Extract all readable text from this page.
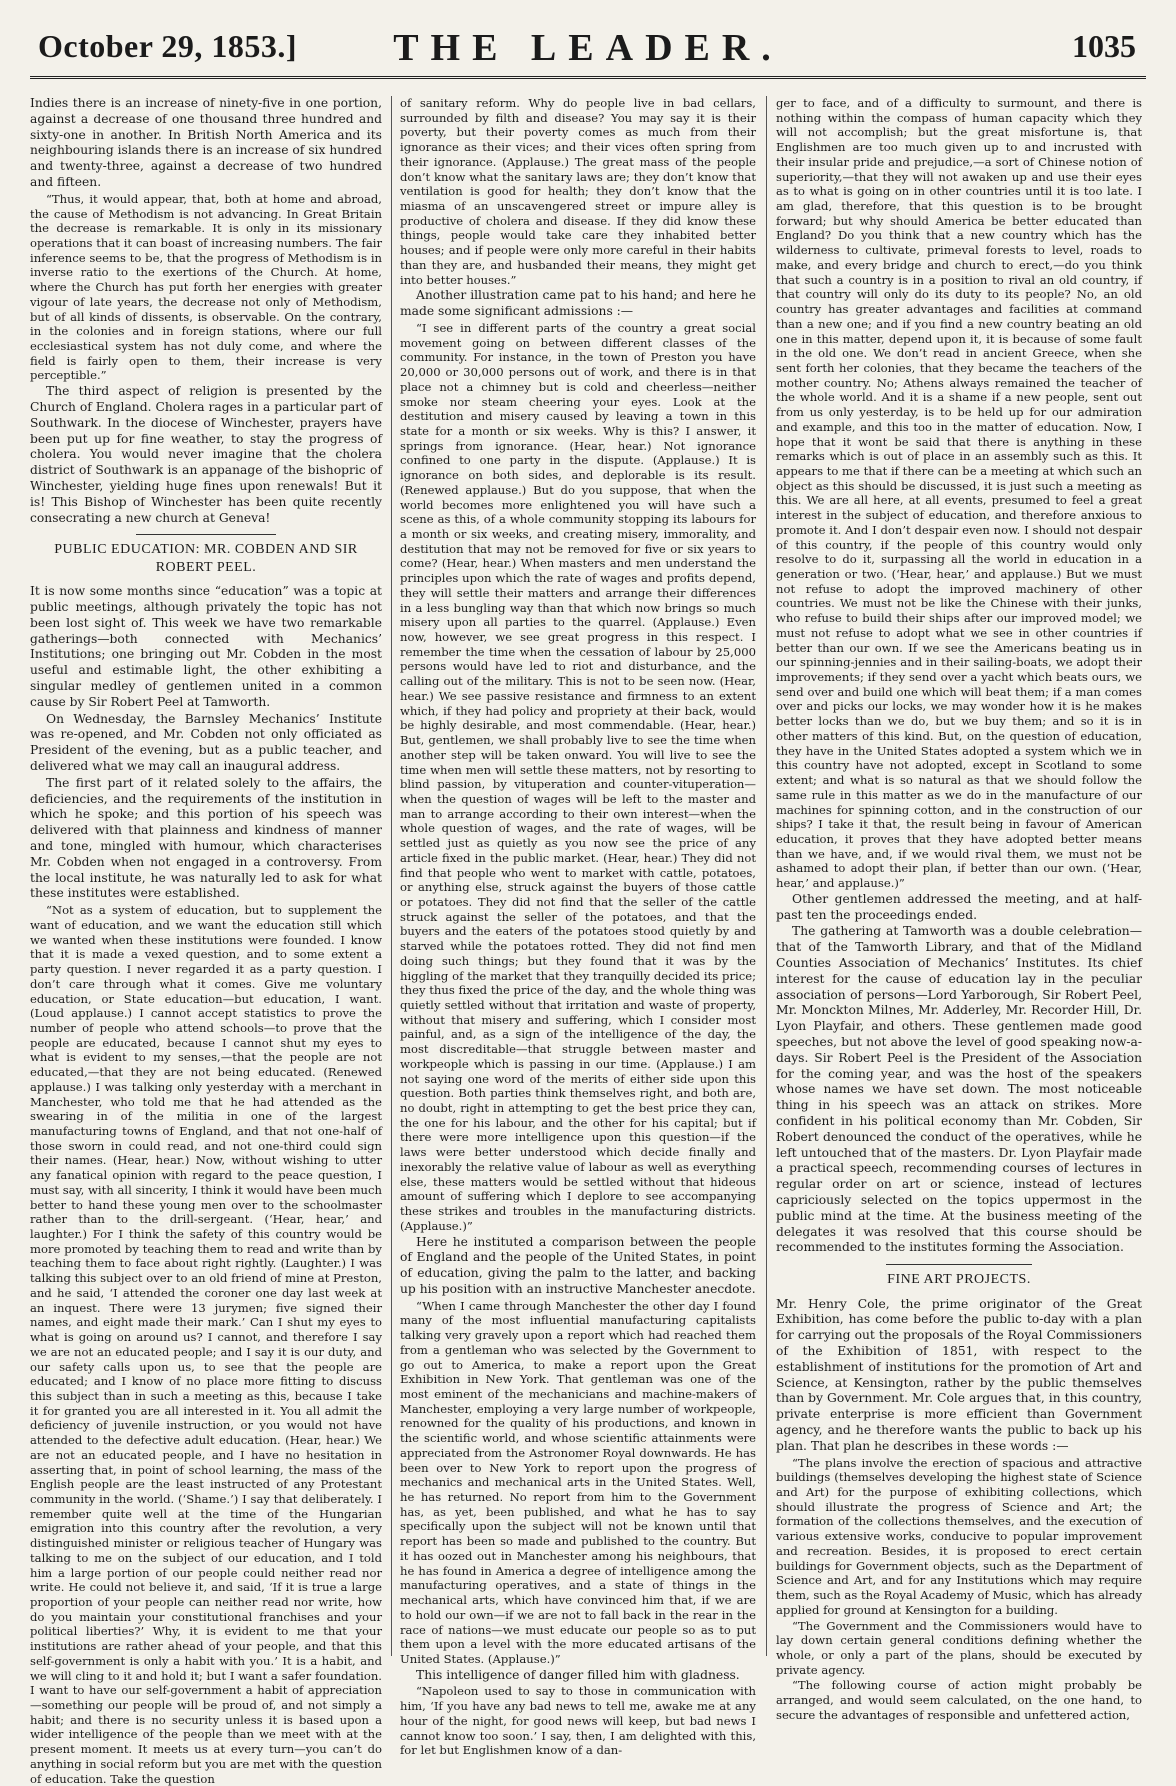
October 29, 1853.]	THE LEADER.	1035

Indies there is an increase of ninety-five in one portion, against a decrease of one thousand three hundred and sixty-one in another. In British North America and its neighbouring islands there is an increase of six hundred and twenty-three, against a decrease of two hundred and fifteen.

“Thus, it would appear, that, both at home and abroad, the cause of Methodism is not advancing. In Great Britain the decrease is remarkable. It is only in its missionary operations that it can boast of increasing numbers. The fair inference seems to be, that the progress of Methodism is in inverse ratio to the exertions of the Church. At home, where the Church has put forth her energies with greater vigour of late years, the decrease not only of Methodism, but of all kinds of dissents, is observable. On the contrary, in the colonies and in foreign stations, where our full ecclesiastical system has not duly come, and where the field is fairly open to them, their increase is very perceptible.”

The third aspect of religion is presented by the Church of England. Cholera rages in a particular part of Southwark. In the diocese of Winchester, prayers have been put up for fine weather, to stay the progress of cholera. You would never imagine that the cholera district of Southwark is an appanage of the bishopric of Winchester, yielding huge fines upon renewals! But it is! This Bishop of Winchester has been quite recently consecrating a new church at Geneva!

PUBLIC EDUCATION: MR. COBDEN AND SIR ROBERT PEEL.

It is now some months since “education” was a topic at public meetings, although privately the topic has not been lost sight of. This week we have two remarkable gatherings—both connected with Mechanics’ Institutions; one bringing out Mr. Cobden in the most useful and estimable light, the other exhibiting a singular medley of gentlemen united in a common cause by Sir Robert Peel at Tamworth.

On Wednesday, the Barnsley Mechanics’ Institute was re-opened, and Mr. Cobden not only officiated as President of the evening, but as a public teacher, and delivered what we may call an inaugural address.

The first part of it related solely to the affairs, the deficiencies, and the requirements of the institution in which he spoke; and this portion of his speech was delivered with that plainness and kindness of manner and tone, mingled with humour, which characterises Mr. Cobden when not engaged in a controversy. From the local institute, he was naturally led to ask for what these institutes were established.

“Not as a system of education, but to supplement the want of education, and we want the education still which we wanted when these institutions were founded. I know that it is made a vexed question, and to some extent a party question. I never regarded it as a party question. I don’t care through what it comes. Give me voluntary education, or State education—but education, I want. (Loud applause.) I cannot accept statistics to prove the number of people who attend schools—to prove that the people are educated, because I cannot shut my eyes to what is evident to my senses,—that the people are not educated,—that they are not being educated. (Renewed applause.) I was talking only yesterday with a merchant in Manchester, who told me that he had attended as the swearing in of the militia in one of the largest manufacturing towns of England, and that not one-half of those sworn in could read, and not one-third could sign their names. (Hear, hear.) Now, without wishing to utter any fanatical opinion with regard to the peace question, I must say, with all sincerity, I think it would have been much better to hand these young men over to the schoolmaster rather than to the drill-sergeant. (‘Hear, hear,’ and laughter.) For I think the safety of this country would be more promoted by teaching them to read and write than by teaching them to face about right rightly. (Laughter.) I was talking this subject over to an old friend of mine at Preston, and he said, ‘I attended the coroner one day last week at an inquest. There were 13 jurymen; five signed their names, and eight made their mark.’ Can I shut my eyes to what is going on around us? I cannot, and therefore I say we are not an educated people; and I say it is our duty, and our safety calls upon us, to see that the people are educated; and I know of no place more fitting to discuss this subject than in such a meeting as this, because I take it for granted you are all interested in it. You all admit the deficiency of juvenile instruction, or you would not have attended to the defective adult education. (Hear, hear.) We are not an educated people, and I have no hesitation in asserting that, in point of school learning, the mass of the English people are the least instructed of any Protestant community in the world. (‘Shame.’) I say that deliberately. I remember quite well at the time of the Hungarian emigration into this country after the revolution, a very distinguished minister or religious teacher of Hungary was talking to me on the subject of our education, and I told him a large portion of our people could neither read nor write. He could not believe it, and said, ‘If it is true a large proportion of your people can neither read nor write, how do you maintain your constitutional franchises and your political liberties?’ Why, it is evident to me that your institutions are rather ahead of your people, and that this self-government is only a habit with you.’ It is a habit, and we will cling to it and hold it; but I want a safer foundation. I want to have our self-government a habit of appreciation—something our people will be proud of, and not simply a habit; and there is no security unless it is based upon a wider intelligence of the people than we meet with at the present moment. It meets us at every turn—you can’t do anything in social reform but you are met with the question of education. Take the question

of sanitary reform. Why do people live in bad cellars, surrounded by filth and disease? You may say it is their poverty, but their poverty comes as much from their ignorance as their vices; and their vices often spring from their ignorance. (Applause.) The great mass of the people don’t know what the sanitary laws are; they don’t know that ventilation is good for health; they don’t know that the miasma of an unscavengered street or impure alley is productive of cholera and disease. If they did know these things, people would take care they inhabited better houses; and if people were only more careful in their habits than they are, and husbanded their means, they might get into better houses.”

Another illustration came pat to his hand; and here he made some significant admissions :—

“I see in different parts of the country a great social movement going on between different classes of the community. For instance, in the town of Preston you have 20,000 or 30,000 persons out of work, and there is in that place not a chimney but is cold and cheerless—neither smoke nor steam cheering your eyes. Look at the destitution and misery caused by leaving a town in this state for a month or six weeks. Why is this? I answer, it springs from ignorance. (Hear, hear.) Not ignorance confined to one party in the dispute. (Applause.) It is ignorance on both sides, and deplorable is its result. (Renewed applause.) But do you suppose, that when the world becomes more enlightened you will have such a scene as this, of a whole community stopping its labours for a month or six weeks, and creating misery, immorality, and destitution that may not be removed for five or six years to come? (Hear, hear.) When masters and men understand the principles upon which the rate of wages and profits depend, they will settle their matters and arrange their differences in a less bungling way than that which now brings so much misery upon all parties to the quarrel. (Applause.) Even now, however, we see great progress in this respect. I remember the time when the cessation of labour by 25,000 persons would have led to riot and disturbance, and the calling out of the military. This is not to be seen now. (Hear, hear.) We see passive resistance and firmness to an extent which, if they had policy and propriety at their back, would be highly desirable, and most commendable. (Hear, hear.) But, gentlemen, we shall probably live to see the time when another step will be taken onward. You will live to see the time when men will settle these matters, not by resorting to blind passion, by vituperation and counter-vituperation—when the question of wages will be left to the master and man to arrange according to their own interest—when the whole question of wages, and the rate of wages, will be settled just as quietly as you now see the price of any article fixed in the public market. (Hear, hear.) They did not find that people who went to market with cattle, potatoes, or anything else, struck against the buyers of those cattle or potatoes. They did not find that the seller of the cattle struck against the seller of the potatoes, and that the buyers and the eaters of the potatoes stood quietly by and starved while the potatoes rotted. They did not find men doing such things; but they found that it was by the higgling of the market that they tranquilly decided its price; they thus fixed the price of the day, and the whole thing was quietly settled without that irritation and waste of property, without that misery and suffering, which I consider most painful, and, as a sign of the intelligence of the day, the most discreditable—that struggle between master and workpeople which is passing in our time. (Applause.) I am not saying one word of the merits of either side upon this question. Both parties think themselves right, and both are, no doubt, right in attempting to get the best price they can, the one for his labour, and the other for his capital; but if there were more intelligence upon this question—if the laws were better understood which decide finally and inexorably the relative value of labour as well as everything else, these matters would be settled without that hideous amount of suffering which I deplore to see accompanying these strikes and troubles in the manufacturing districts. (Applause.)”

Here he instituted a comparison between the people of England and the people of the United States, in point of education, giving the palm to the latter, and backing up his position with an instructive Manchester anecdote.

“When I came through Manchester the other day I found many of the most influential manufacturing capitalists talking very gravely upon a report which had reached them from a gentleman who was selected by the Government to go out to America, to make a report upon the Great Exhibition in New York. That gentleman was one of the most eminent of the mechanicians and machine-makers of Manchester, employing a very large number of workpeople, renowned for the quality of his productions, and known in the scientific world, and whose scientific attainments were appreciated from the Astronomer Royal downwards. He has been over to New York to report upon the progress of mechanics and mechanical arts in the United States. Well, he has returned. No report from him to the Government has, as yet, been published, and what he has to say specifically upon the subject will not be known until that report has been so made and published to the country. But it has oozed out in Manchester among his neighbours, that he has found in America a degree of intelligence among the manufacturing operatives, and a state of things in the mechanical arts, which have convinced him that, if we are to hold our own—if we are not to fall back in the rear in the race of nations—we must educate our people so as to put them upon a level with the more educated artisans of the United States. (Applause.)”

This intelligence of danger filled him with gladness.

“Napoleon used to say to those in communication with him, ‘If you have any bad news to tell me, awake me at any hour of the night, for good news will keep, but bad news I cannot know too soon.’ I say, then, I am delighted with this, for let but Englishmen know of a dan-

ger to face, and of a difficulty to surmount, and there is nothing within the compass of human capacity which they will not accomplish; but the great misfortune is, that Englishmen are too much given up to and incrusted with their insular pride and prejudice,—a sort of Chinese notion of superiority,—that they will not awaken up and use their eyes as to what is going on in other countries until it is too late. I am glad, therefore, that this question is to be brought forward; but why should America be better educated than England? Do you think that a new country which has the wilderness to cultivate, primeval forests to level, roads to make, and every bridge and church to erect,—do you think that such a country is in a position to rival an old country, if that country will only do its duty to its people? No, an old country has greater advantages and facilities at command than a new one; and if you find a new country beating an old one in this matter, depend upon it, it is because of some fault in the old one. We don’t read in ancient Greece, when she sent forth her colonies, that they became the teachers of the mother country. No; Athens always remained the teacher of the whole world. And it is a shame if a new people, sent out from us only yesterday, is to be held up for our admiration and example, and this too in the matter of education. Now, I hope that it wont be said that there is anything in these remarks which is out of place in an assembly such as this. It appears to me that if there can be a meeting at which such an object as this should be discussed, it is just such a meeting as this. We are all here, at all events, presumed to feel a great interest in the subject of education, and therefore anxious to promote it. And I don’t despair even now. I should not despair of this country, if the people of this country would only resolve to do it, surpassing all the world in education in a generation or two. (‘Hear, hear,’ and applause.) But we must not refuse to adopt the improved machinery of other countries. We must not be like the Chinese with their junks, who refuse to build their ships after our improved model; we must not refuse to adopt what we see in other countries if better than our own. If we see the Americans beating us in our spinning-jennies and in their sailing-boats, we adopt their improvements; if they send over a yacht which beats ours, we send over and build one which will beat them; if a man comes over and picks our locks, we may wonder how it is he makes better locks than we do, but we buy them; and so it is in other matters of this kind. But, on the question of education, they have in the United States adopted a system which we in this country have not adopted, except in Scotland to some extent; and what is so natural as that we should follow the same rule in this matter as we do in the manufacture of our machines for spinning cotton, and in the construction of our ships? I take it that, the result being in favour of American education, it proves that they have adopted better means than we have, and, if we would rival them, we must not be ashamed to adopt their plan, if better than our own. (‘Hear, hear,’ and applause.)”

Other gentlemen addressed the meeting, and at half-past ten the proceedings ended.

The gathering at Tamworth was a double celebration—that of the Tamworth Library, and that of the Midland Counties Association of Mechanics’ Institutes. Its chief interest for the cause of education lay in the peculiar association of persons—Lord Yarborough, Sir Robert Peel, Mr. Monckton Milnes, Mr. Adderley, Mr. Recorder Hill, Dr. Lyon Playfair, and others. These gentlemen made good speeches, but not above the level of good speaking now-a-days. Sir Robert Peel is the President of the Association for the coming year, and was the host of the speakers whose names we have set down. The most noticeable thing in his speech was an attack on strikes. More confident in his political economy than Mr. Cobden, Sir Robert denounced the conduct of the operatives, while he left untouched that of the masters. Dr. Lyon Playfair made a practical speech, recommending courses of lectures in regular order on art or science, instead of lectures capriciously selected on the topics uppermost in the public mind at the time. At the business meeting of the delegates it was resolved that this course should be recommended to the institutes forming the Association.

FINE ART PROJECTS.

Mr. Henry Cole, the prime originator of the Great Exhibition, has come before the public to-day with a plan for carrying out the proposals of the Royal Commissioners of the Exhibition of 1851, with respect to the establishment of institutions for the promotion of Art and Science, at Kensington, rather by the public themselves than by Government. Mr. Cole argues that, in this country, private enterprise is more efficient than Government agency, and he therefore wants the public to back up his plan. That plan he describes in these words :—

“The plans involve the erection of spacious and attractive buildings (themselves developing the highest state of Science and Art) for the purpose of exhibiting collections, which should illustrate the progress of Science and Art; the formation of the collections themselves, and the execution of various extensive works, conducive to popular improvement and recreation. Besides, it is proposed to erect certain buildings for Government objects, such as the Department of Science and Art, and for any Institutions which may require them, such as the Royal Academy of Music, which has already applied for ground at Kensington for a building.

“The Government and the Commissioners would have to lay down certain general conditions defining whether the whole, or only a part of the plans, should be executed by private agency.

“The following course of action might probably be arranged, and would seem calculated, on the one hand, to secure the advantages of responsible and unfettered action,
